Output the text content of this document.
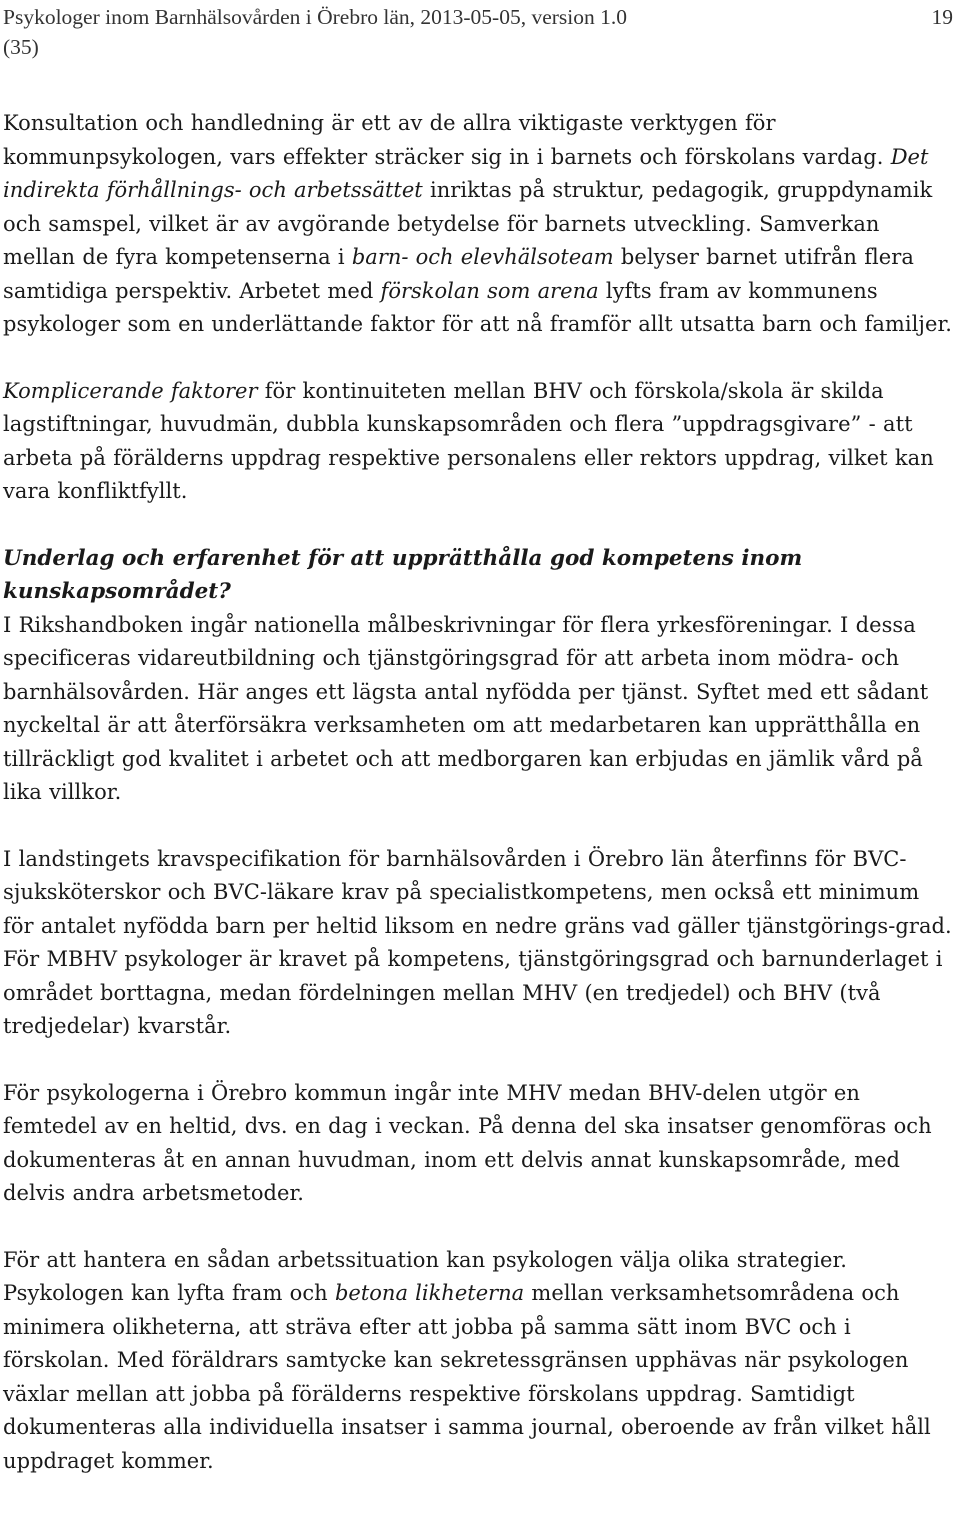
Psykologer inom Barnhälsovården i Örebro län, 2013-05-05, version 1.0
(35)
19

Konsultation och handledning är ett av de allra viktigaste verktygen för kommunpsykologen, vars effekter sträcker sig in i barnets och förskolans vardag. Det indirekta förhållnings- och arbetssättet inriktas på struktur, pedagogik, gruppdynamik och samspel, vilket är av avgörande betydelse för barnets utveckling. Samverkan mellan de fyra kompetenserna i barn- och elevhälsoteam belyser barnet utifrån flera samtidiga perspektiv. Arbetet med förskolan som arena lyfts fram av kommunens psykologer som en underlättande faktor för att nå framför allt utsatta barn och familjer.

Komplicerande faktorer för kontinuiteten mellan BHV och förskola/skola är skilda lagstiftningar, huvudmän, dubbla kunskapsområden och flera ”uppdragsgivare” - att arbeta på förälderns uppdrag respektive personalens eller rektors uppdrag, vilket kan vara konfliktfyllt.

Underlag och erfarenhet för att upprätthålla god kompetens inom kunskapsområdet?

I Rikshandboken ingår nationella målbeskrivningar för flera yrkesföreningar. I dessa specificeras vidareutbildning och tjänstgöringsgrad för att arbeta inom mödra- och barnhälsovården. Här anges ett lägsta antal nyfödda per tjänst. Syftet med ett sådant nyckeltal är att återförsäkra verksamheten om att medarbetaren kan upprätthålla en tillräckligt god kvalitet i arbetet och att medborgaren kan erbjudas en jämlik vård på lika villkor.

I landstingets kravspecifikation för barnhälsovården i Örebro län återfinns för BVC-sjuksköterskor och BVC-läkare krav på specialistkompetens, men också ett minimum för antalet nyfödda barn per heltid liksom en nedre gräns vad gäller tjänstgörings-grad. För MBHV psykologer är kravet på kompetens, tjänstgöringsgrad och barnunderlaget i området borttagna, medan fördelningen mellan MHV (en tredjedel) och BHV (två tredjedelar) kvarstår.

För psykologerna i Örebro kommun ingår inte MHV medan BHV-delen utgör en femtedel av en heltid, dvs. en dag i veckan. På denna del ska insatser genomföras och dokumenteras åt en annan huvudman, inom ett delvis annat kunskapsområde, med delvis andra arbetsmetoder.

För att hantera en sådan arbetssituation kan psykologen välja olika strategier. Psykologen kan lyfta fram och betona likheterna mellan verksamhetsområdena och minimera olikheterna, att sträva efter att jobba på samma sätt inom BVC och i förskolan. Med föräldrars samtycke kan sekretessgränsen upphävas när psykologen växlar mellan att jobba på förälderns respektive förskolans uppdrag. Samtidigt dokumenteras alla individuella insatser i samma journal, oberoende av från vilket håll uppdraget kommer.
